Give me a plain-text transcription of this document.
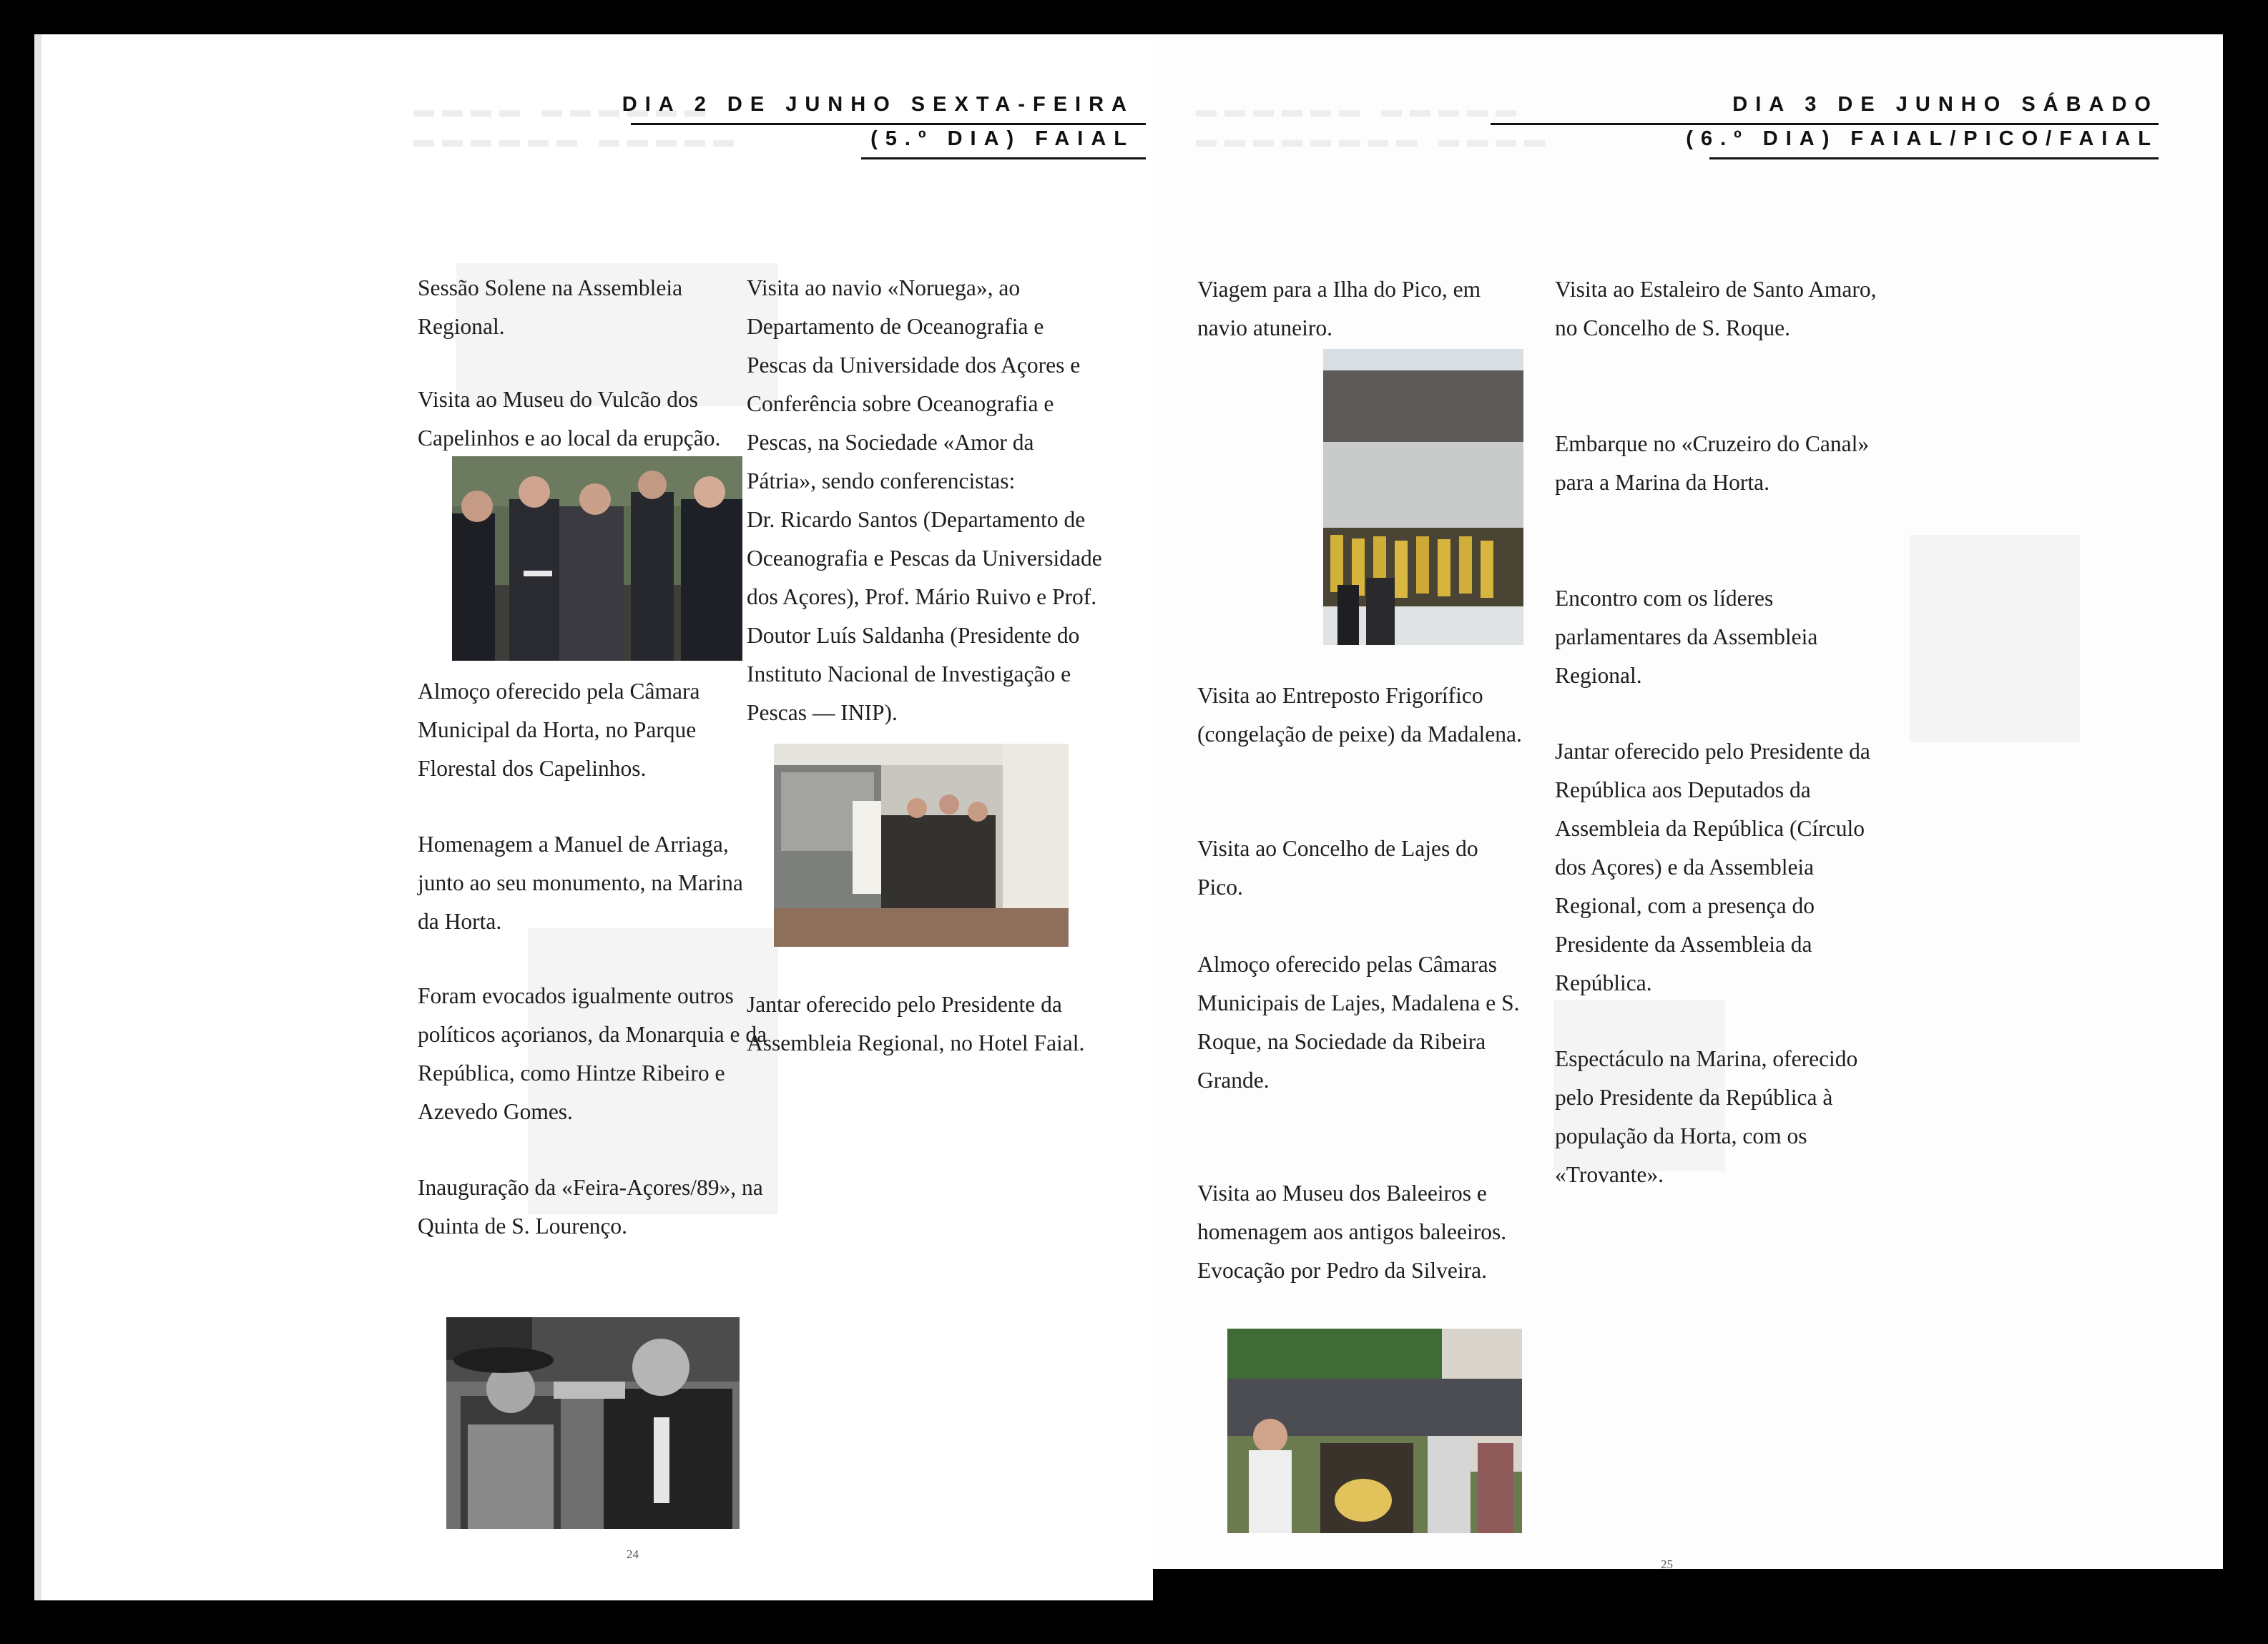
▬▬▬▬ ▬▬▬▬▬▬
▬▬▬▬▬▬ ▬▬▬▬▬
DIA 2 DE JUNHO SEXTA-FEIRA
(5.º DIA) FAIAL
Sessão Solene na Assembleia Regional.
Visita ao Museu do Vulcão dos Capelinhos e ao local da erupção.
Almoço oferecido pela Câmara Municipal da Horta, no Parque Florestal dos Capelinhos.
Homenagem a Manuel de Arriaga, junto ao seu monumento, na Marina da Horta.
Foram evocados igualmente outros políticos açorianos, da Monarquia e da República, como Hintze Ribeiro e Azevedo Gomes.
Inauguração da «Feira-Açores/89», na Quinta de S. Lourenço.
Visita ao navio «Noruega», ao Departamento de Oceanografia e Pescas da Universidade dos Açores e Conferência sobre Oceanografia e Pescas, na Sociedade «Amor da Pátria», sendo conferencistas:
Dr. Ricardo Santos (Departamento de Oceanografia e Pescas da Universidade dos Açores), Prof. Mário Ruivo e Prof. Doutor Luís Saldanha (Presidente do Instituto Nacional de Investigação e Pescas — INIP).
Jantar oferecido pelo Presidente da Assembleia Regional, no Hotel Faial.
24
▬▬▬▬▬▬ ▬▬▬▬▬
▬▬▬▬▬▬▬▬ ▬▬▬▬
DIA 3 DE JUNHO SÁBADO
(6.º DIA) FAIAL/PICO/FAIAL
Viagem para a Ilha do Pico, em navio atuneiro.
Visita ao Entreposto Frigorífico (congelação de peixe) da Madalena.
Visita ao Concelho de Lajes do Pico.
Almoço oferecido pelas Câmaras Municipais de Lajes, Madalena e S. Roque, na Sociedade da Ribeira Grande.
Visita ao Museu dos Baleeiros e homenagem aos antigos baleeiros. Evocação por Pedro da Silveira.
Visita ao Estaleiro de Santo Amaro, no Concelho de S. Roque.
Embarque no «Cruzeiro do Canal» para a Marina da Horta.
Encontro com os líderes parlamentares da Assembleia Regional.
Jantar oferecido pelo Presidente da República aos Deputados da Assembleia da República (Círculo dos Açores) e da Assembleia Regional, com a presença do Presidente da Assembleia da República.
Espectáculo na Marina, oferecido pelo Presidente da República à população da Horta, com os «Trovante».
25
